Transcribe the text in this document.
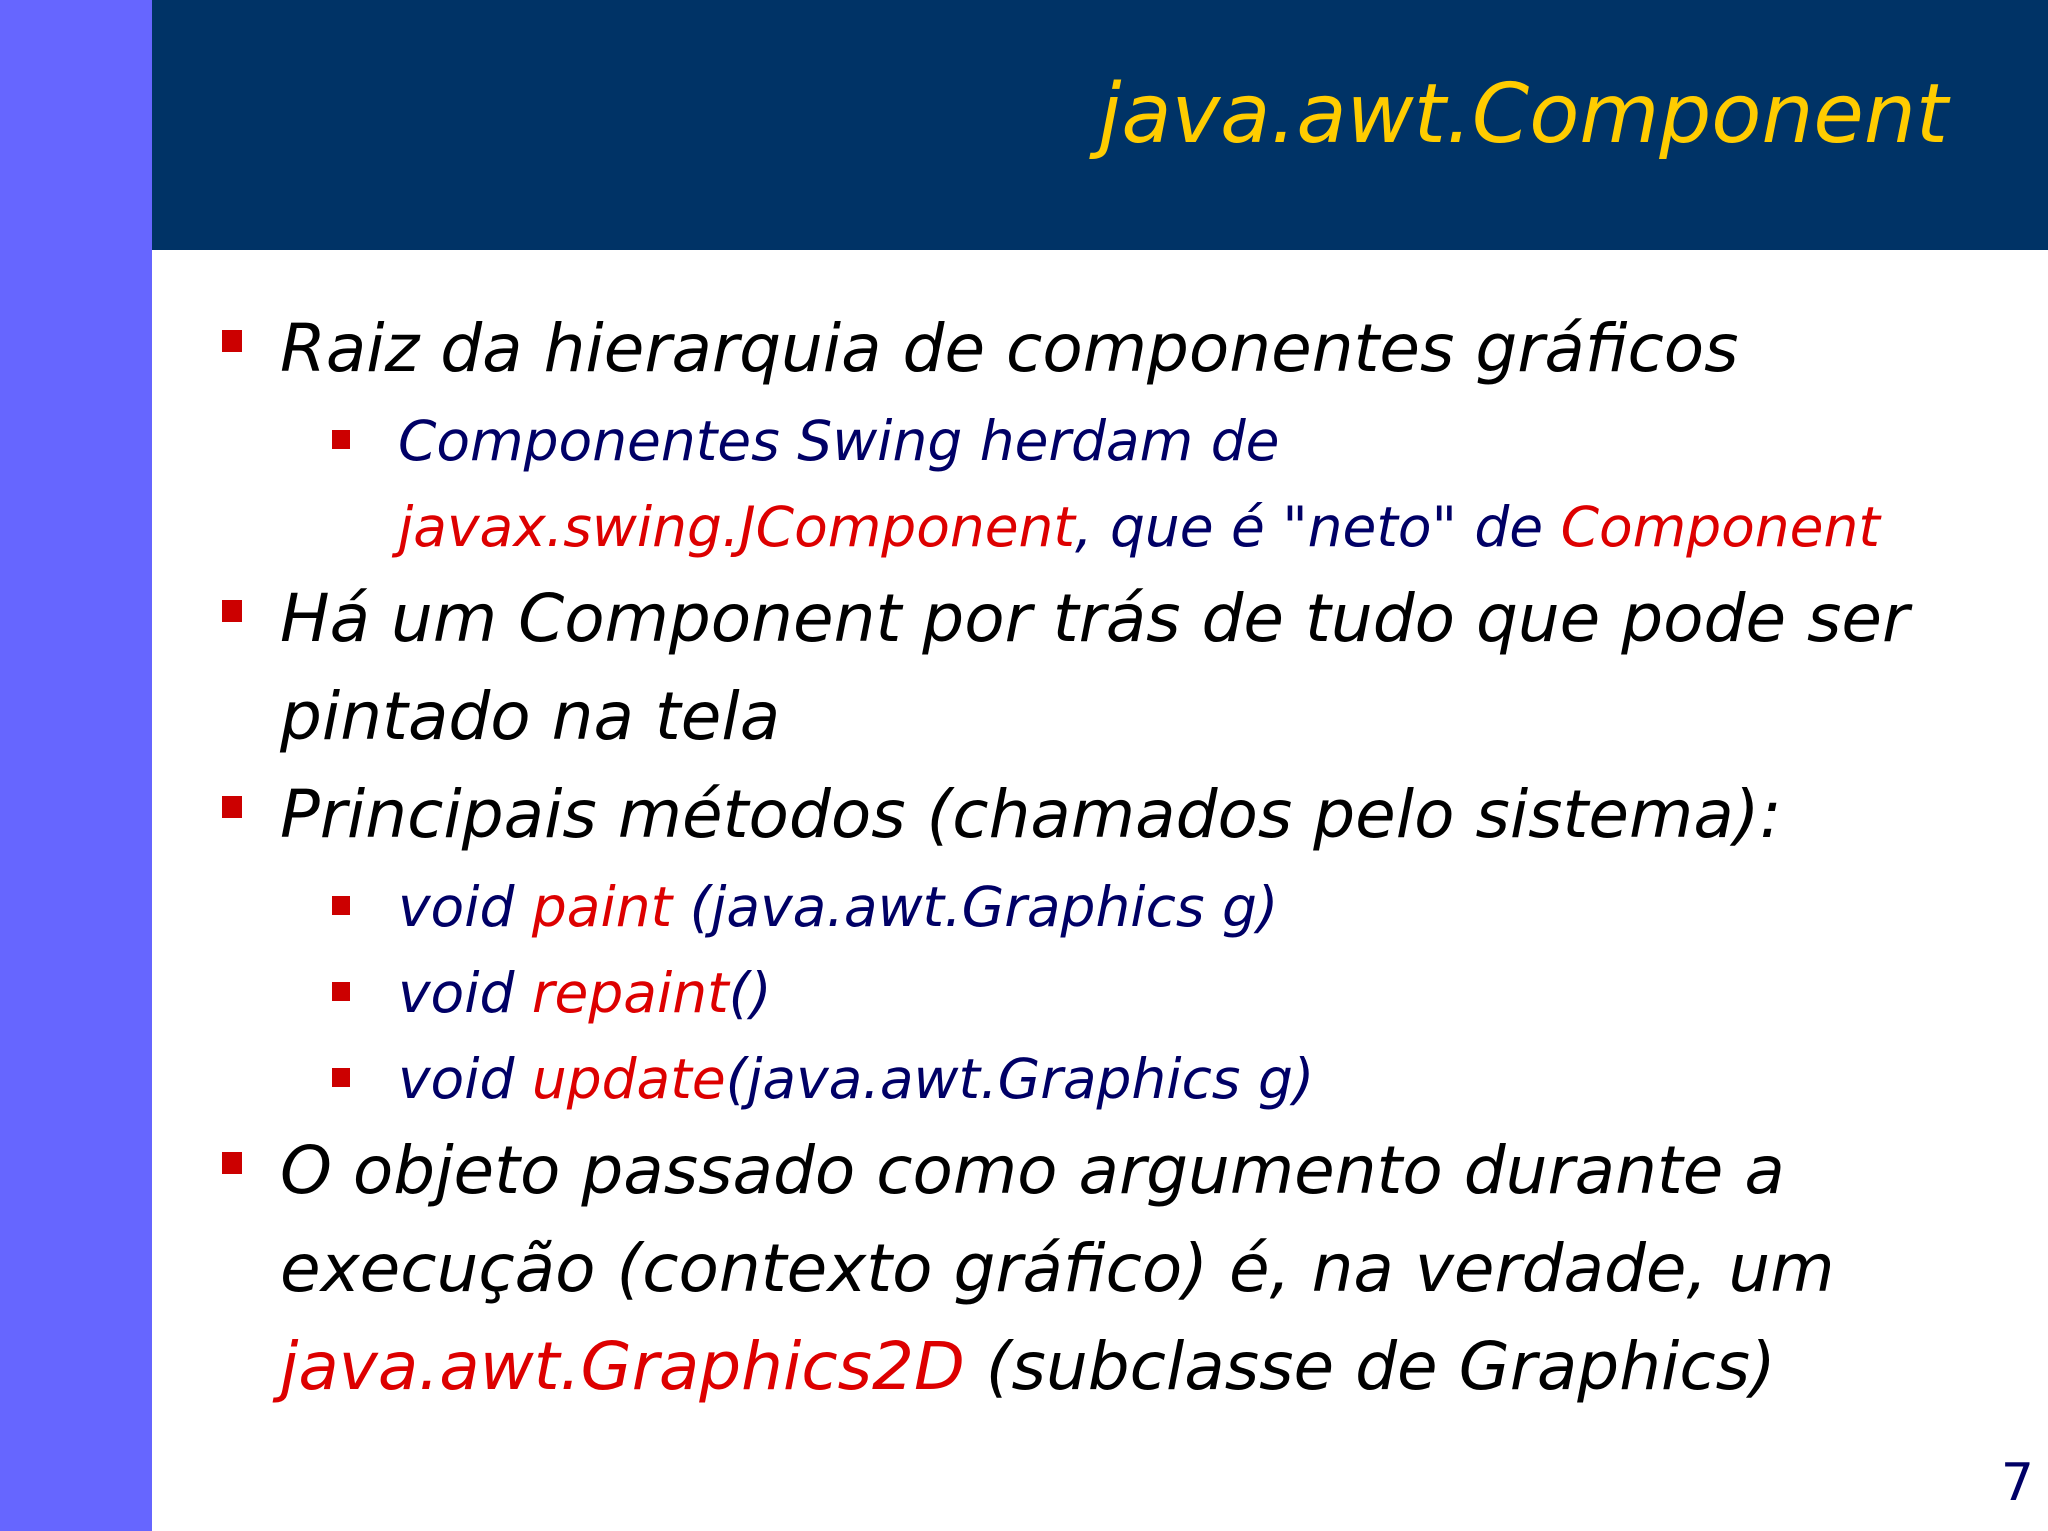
java.awt.Component
Raiz da hierarquia de componentes gráficos
Componentes Swing herdam de javax.swing.JComponent, que é "neto" de Component
Há um Component por trás de tudo que pode ser pintado na tela
Principais métodos (chamados pelo sistema):
void paint (java.awt.Graphics g)
void repaint()
void update(java.awt.Graphics g)
O objeto passado como argumento durante a execução (contexto gráfico) é, na verdade, um java.awt.Graphics2D (subclasse de Graphics)
7
